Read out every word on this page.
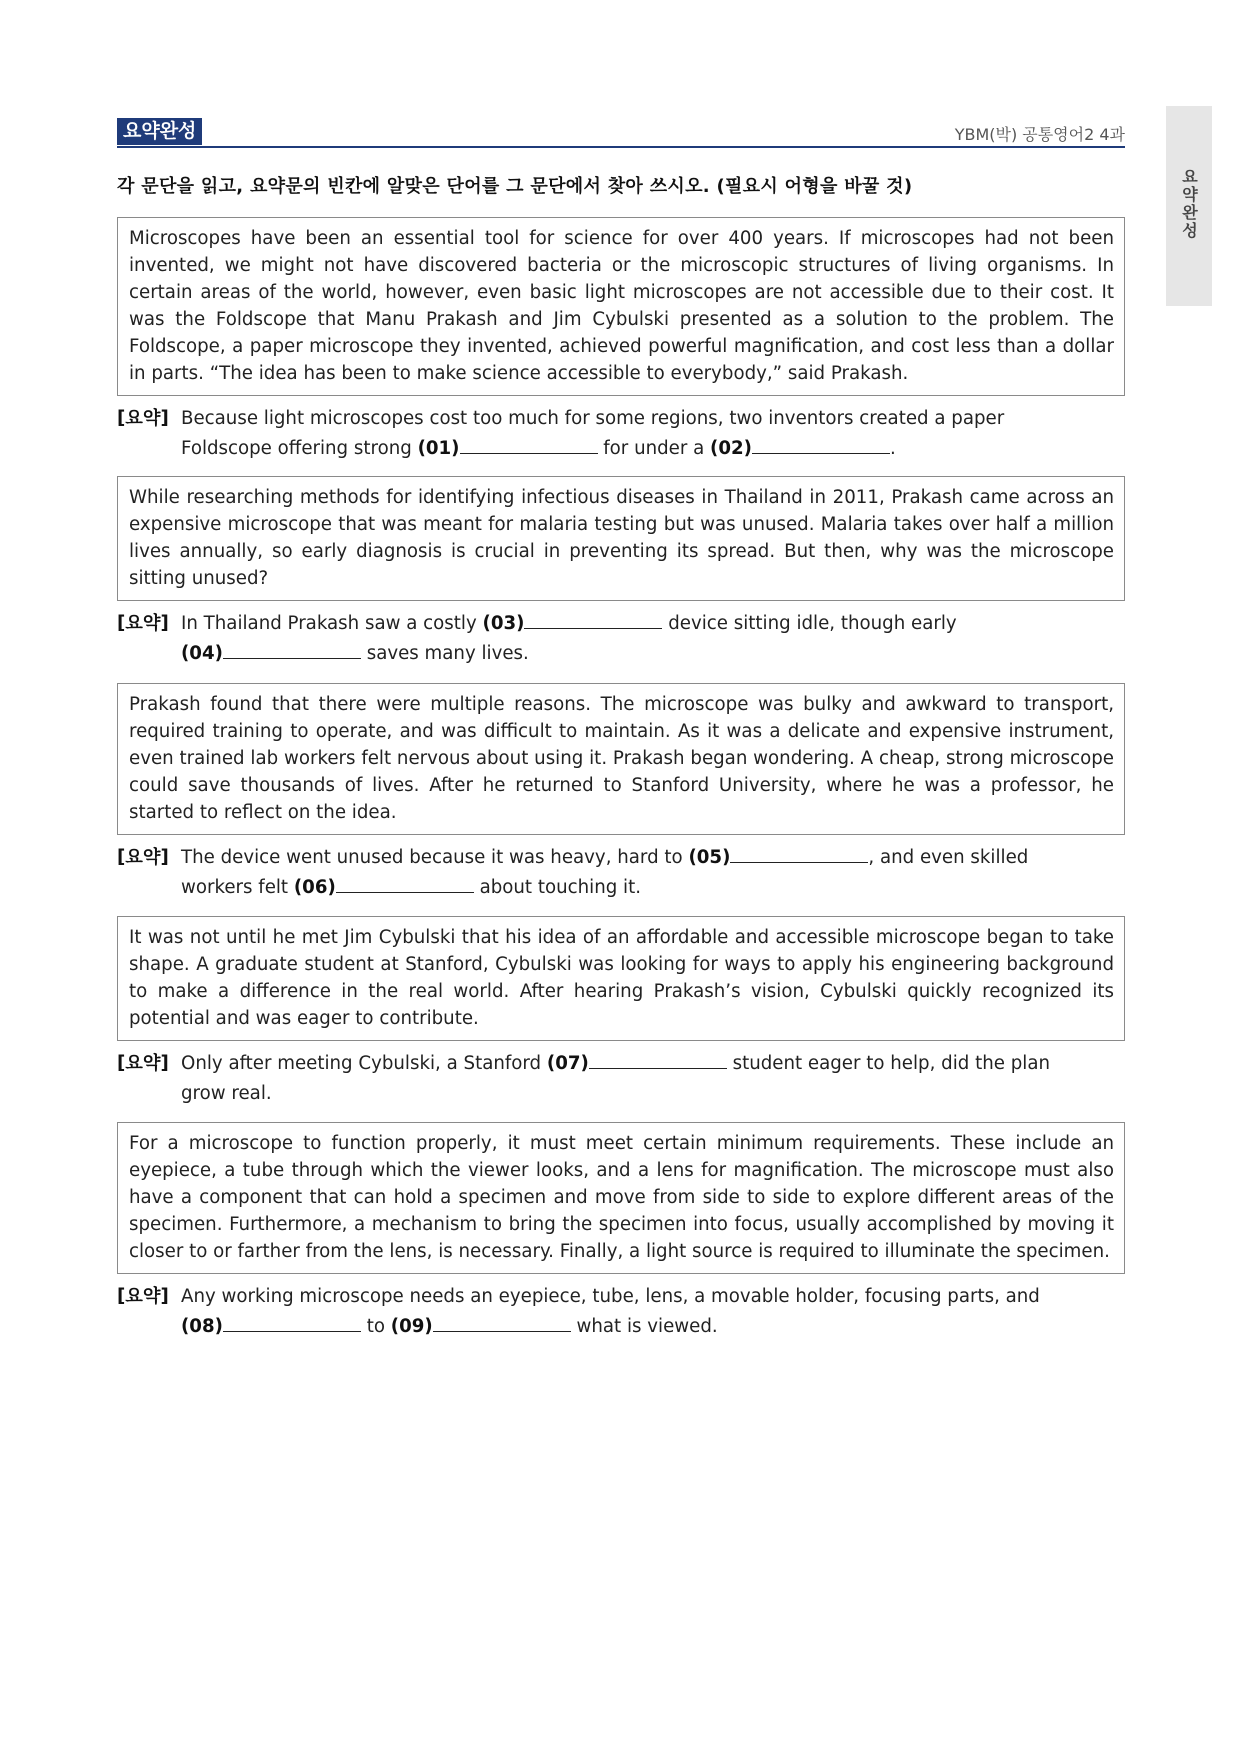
요약완성
요약완성	YBM(박) 공통영어2 4과
각 문단을 읽고, 요약문의 빈칸에 알맞은 단어를 그 문단에서 찾아 쓰시오. (필요시 어형을 바꿀 것)
Microscopes have been an essential tool for science for over 400 years. If microscopes had not been invented, we might not have discovered bacteria or the microscopic structures of living organisms. In certain areas of the world, however, even basic light microscopes are not accessible due to their cost. It was the Foldscope that Manu Prakash and Jim Cybulski presented as a solution to the problem. The Foldscope, a paper microscope they invented, achieved powerful magnification, and cost less than a dollar in parts. “The idea has been to make science accessible to everybody,” said Prakash.
[요약] Because light microscopes cost too much for some regions, two inventors created a paper
Foldscope offering strong (01)	for under a (02)	.
While researching methods for identifying infectious diseases in Thailand in 2011, Prakash came across an expensive microscope that was meant for malaria testing but was unused. Malaria takes over half a million lives annually, so early diagnosis is crucial in preventing its spread. But then, why was the microscope sitting unused?
[요약] In Thailand Prakash saw a costly (03)	device sitting idle, though early
(04)	saves many lives.
Prakash found that there were multiple reasons. The microscope was bulky and awkward to transport, required training to operate, and was difficult to maintain. As it was a delicate and expensive instrument, even trained lab workers felt nervous about using it. Prakash began wondering. A cheap, strong microscope could save thousands of lives. After he returned to Stanford University, where he was a professor, he started to reflect on the idea.
[요약] The device went unused because it was heavy, hard to (05)	, and even skilled
workers felt (06)	about touching it.
It was not until he met Jim Cybulski that his idea of an affordable and accessible microscope began to take shape. A graduate student at Stanford, Cybulski was looking for ways to apply his engineering background to make a difference in the real world. After hearing Prakash’s vision, Cybulski quickly recognized its potential and was eager to contribute.
[요약] Only after meeting Cybulski, a Stanford (07)	student eager to help, did the plan
grow real.
For a microscope to function properly, it must meet certain minimum requirements. These include an eyepiece, a tube through which the viewer looks, and a lens for magnification. The microscope must also have a component that can hold a specimen and move from side to side to explore different areas of the specimen. Furthermore, a mechanism to bring the specimen into focus, usually accomplished by moving it closer to or farther from the lens, is necessary. Finally, a light source is required to illuminate the specimen.
[요약] Any working microscope needs an eyepiece, tube, lens, a movable holder, focusing parts, and
(08)	to (09)	what is viewed.
